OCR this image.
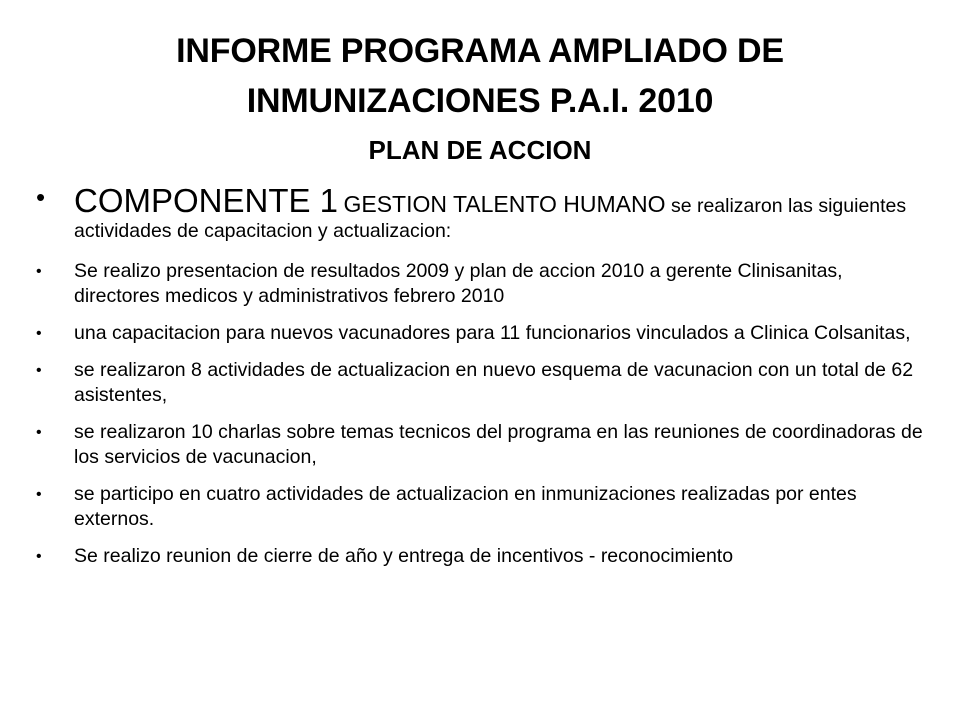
INFORME PROGRAMA AMPLIADO DE
INMUNIZACIONES P.A.I. 2010
PLAN DE ACCION
• COMPONENTE 1 GESTION TALENTO HUMANO se realizaron las siguientes actividades de capacitacion y actualizacion:
•	Se realizo presentacion de resultados 2009 y plan de accion 2010 a gerente Clinisanitas, directores medicos y administrativos febrero 2010
•	una capacitacion para nuevos vacunadores para 11 funcionarios vinculados a Clinica Colsanitas,
•	se realizaron 8 actividades de actualizacion en nuevo esquema de vacunacion con un total de 62 asistentes,
•	se realizaron 10 charlas sobre temas tecnicos del programa en las reuniones de coordinadoras de los servicios de vacunacion,
•	se participo en cuatro actividades de actualizacion en inmunizaciones realizadas por entes externos.
•	Se realizo reunion de cierre de año y entrega de incentivos - reconocimiento
